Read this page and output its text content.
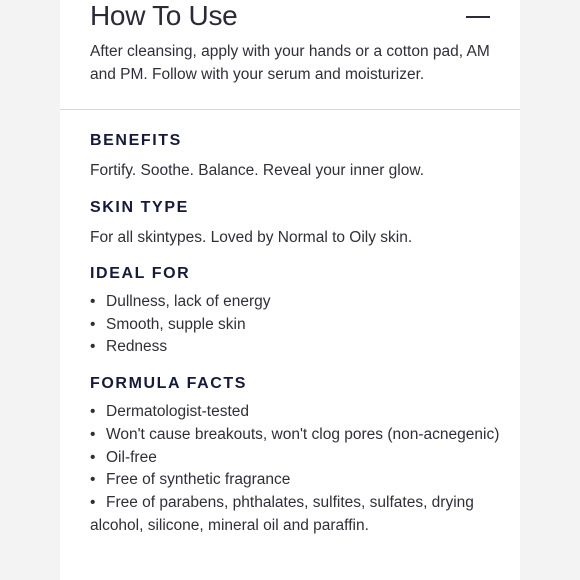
How To Use

After cleansing, apply with your hands or a cotton pad, AM and PM. Follow with your serum and moisturizer.

BENEFITS

Fortify. Soothe. Balance. Reveal your inner glow.

SKIN TYPE

For all skintypes. Loved by Normal to Oily skin.

IDEAL FOR
• Dullness, lack of energy
• Smooth, supple skin
• Redness
FORMULA FACTS
• Dermatologist-tested
• Won't cause breakouts, won't clog pores (non-acnegenic)
• Oil-free
• Free of synthetic fragrance
• Free of parabens, phthalates, sulfites, sulfates, drying alcohol, silicone, mineral oil and paraffin.
